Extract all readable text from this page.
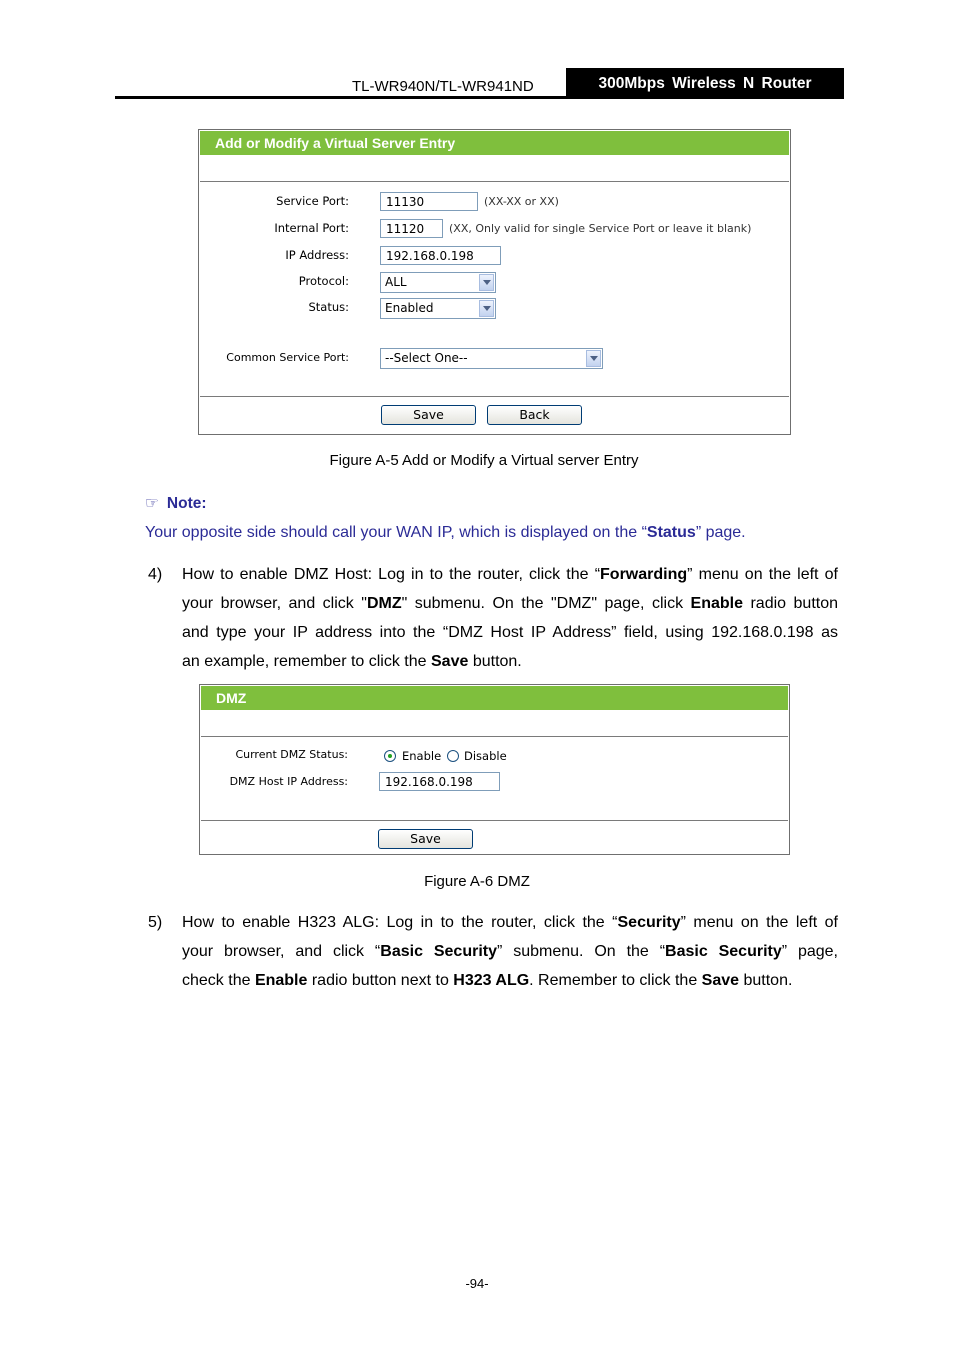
TL-WR940N/TL-WR941ND	300Mbps Wireless N Router
Add or Modify a Virtual Server Entry
Service Port:	11130	(XX-XX or XX)
Internal Port:	11120	(XX, Only valid for single Service Port or leave it blank)
IP Address:	192.168.0.198
Protocol:	ALL
Status:	Enabled
Common Service Port:	--Select One--
Save	Back
Figure A-5 Add or Modify a Virtual server Entry
☞ Note:
Your opposite side should call your WAN IP, which is displayed on the “Status” page.
4) How to enable DMZ Host: Log in to the router, click the “Forwarding” menu on the left of
your browser, and click "DMZ" submenu. On the "DMZ" page, click Enable radio button
and type your IP address into the “DMZ Host IP Address” field, using 192.168.0.198 as
an example, remember to click the Save button.
DMZ
Current DMZ Status:	Enable Disable
DMZ Host IP Address:	192.168.0.198
Save
Figure A-6 DMZ
5) How to enable H323 ALG: Log in to the router, click the “Security” menu on the left of
your browser, and click “Basic Security” submenu. On the “Basic Security” page,
check the Enable radio button next to H323 ALG. Remember to click the Save button.
-94-
